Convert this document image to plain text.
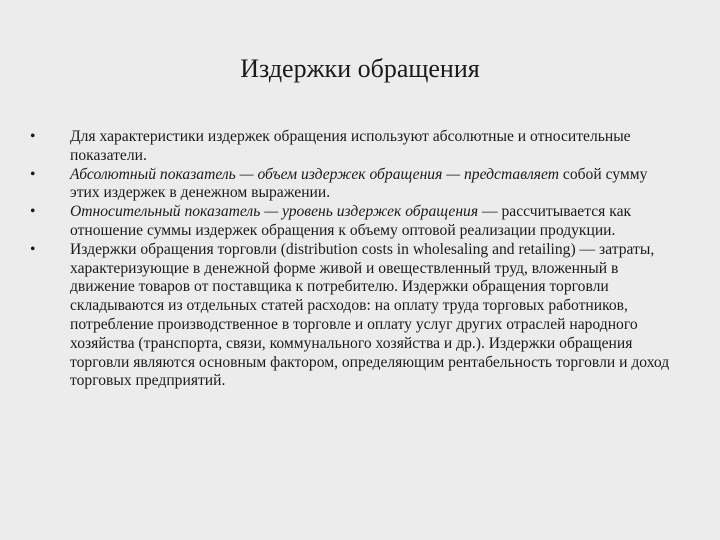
Издержки обращения
•	Для характеристики издержек обращения используют абсолютные и относительные показатели.
•	Абсолютный показатель — объем издержек обращения — представляет собой сумму этих издержек в денежном выражении.
•	Относительный показатель — уровень издержек обращения — рассчитывается как отношение суммы издержек обращения к объему оптовой реализации продукции.
•	Издержки обращения торговли (distribution costs in wholesaling and retailing) — затраты, характеризующие в денежной форме живой и овеществленный труд, вложенный в движение товаров от поставщика к потребителю. Издержки обращения торговли складываются из отдельных статей расходов: на оплату труда торговых работников, потребление производственное в торговле и оплату услуг других отраслей народного хозяйства (транспорта, связи, коммунального хозяйства и др.). Издержки обращения торговли являются основным фактором, определяющим рентабельность торговли и доход торговых предприятий.
